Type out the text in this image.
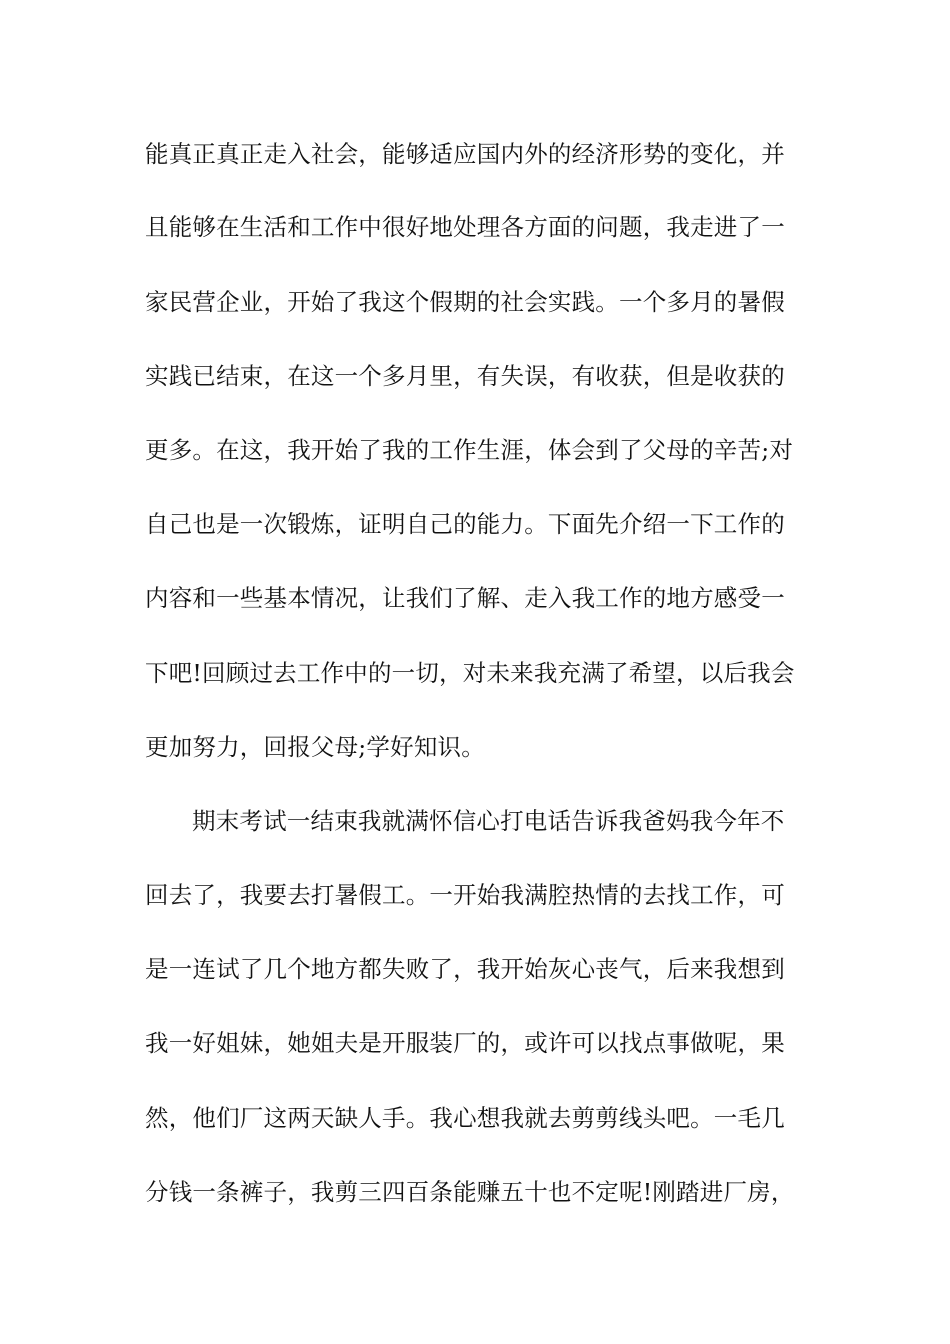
能真正真正走入社会，能够适应国内外的经济形势的变化，并
且能够在生活和工作中很好地处理各方面的问题，我走进了一
家民营企业，开始了我这个假期的社会实践。一个多月的暑假
实践已结束，在这一个多月里，有失误，有收获，但是收获的
更多。在这，我开始了我的工作生涯，体会到了父母的辛苦;对
自己也是一次锻炼，证明自己的能力。下面先介绍一下工作的
内容和一些基本情况，让我们了解、走入我工作的地方感受一
下吧!回顾过去工作中的一切，对未来我充满了希望，以后我会
更加努力，回报父母;学好知识。
期末考试一结束我就满怀信心打电话告诉我爸妈我今年不
回去了，我要去打暑假工。一开始我满腔热情的去找工作，可
是一连试了几个地方都失败了，我开始灰心丧气，后来我想到
我一好姐妹，她姐夫是开服装厂的，或许可以找点事做呢，果
然，他们厂这两天缺人手。我心想我就去剪剪线头吧。一毛几
分钱一条裤子，我剪三四百条能赚五十也不定呢!刚踏进厂房，
